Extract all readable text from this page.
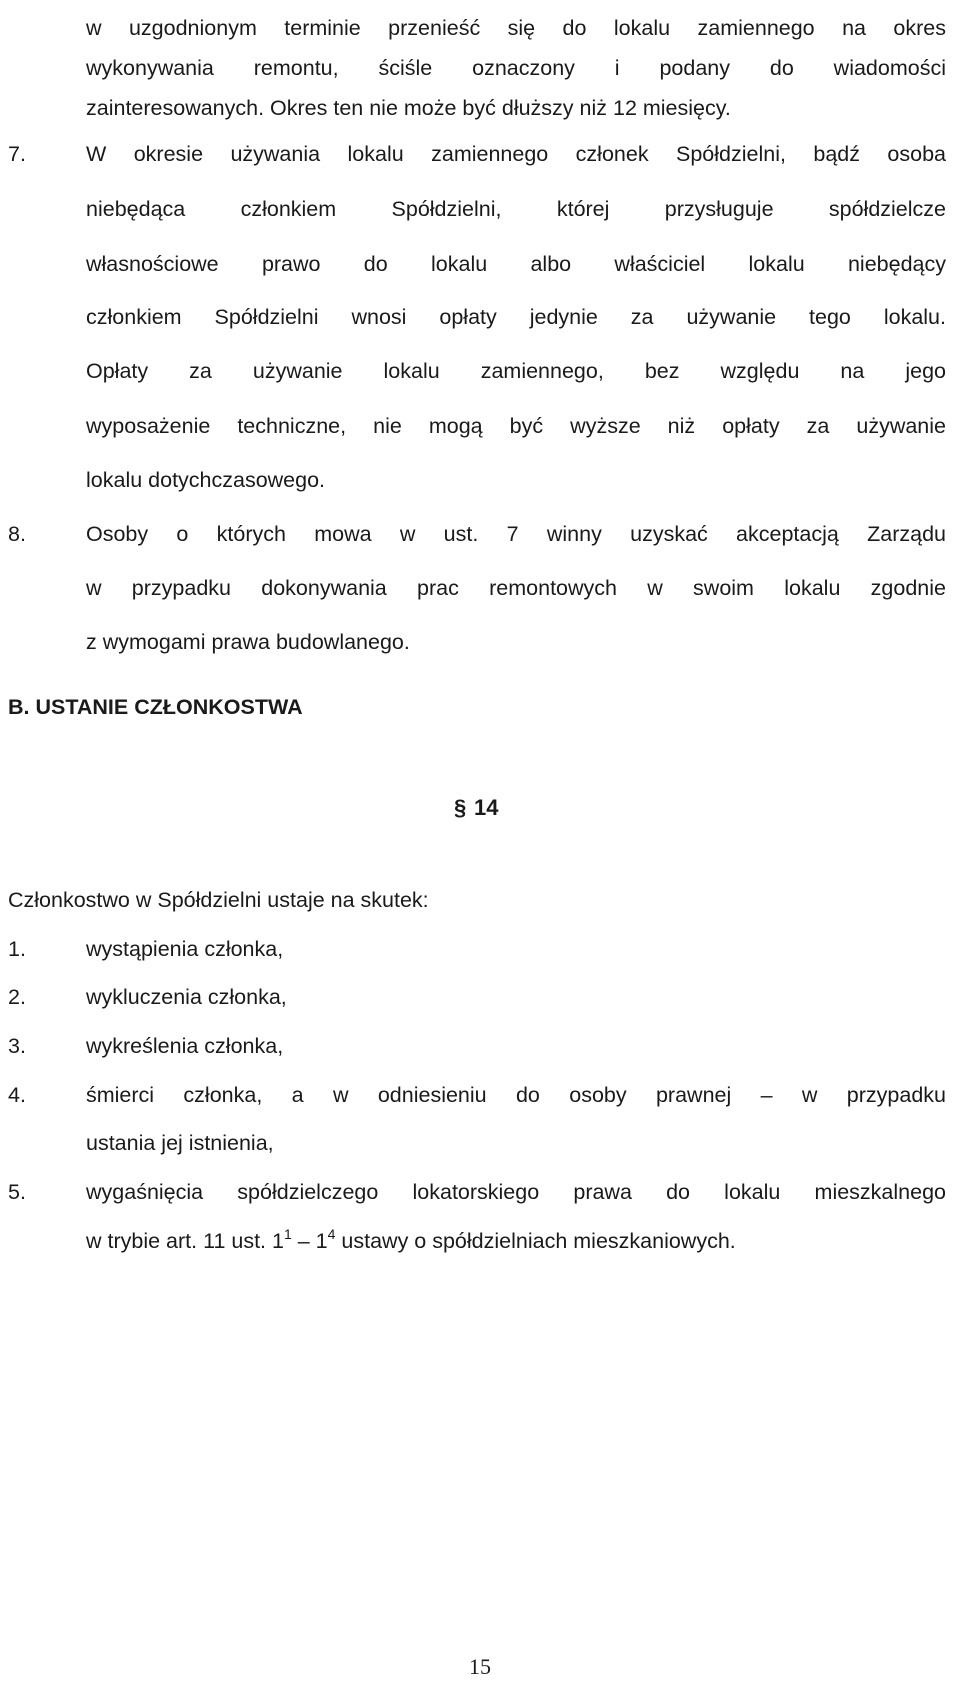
w uzgodnionym terminie przenieść się do lokalu zamiennego na okres
wykonywania remontu, ściśle oznaczony i podany do wiadomości
zainteresowanych. Okres ten nie może być dłuższy niż 12 miesięcy.
7.	W okresie używania lokalu zamiennego członek Spółdzielni, bądź osoba
niebędąca członkiem Spółdzielni, której przysługuje spółdzielcze
własnościowe prawo do lokalu albo właściciel lokalu niebędący
członkiem Spółdzielni wnosi opłaty jedynie za używanie tego lokalu.
Opłaty za używanie lokalu zamiennego, bez względu na jego
wyposażenie techniczne, nie mogą być wyższe niż opłaty za używanie
lokalu dotychczasowego.
8.	Osoby o których mowa w ust. 7 winny uzyskać akceptacją Zarządu
w przypadku dokonywania prac remontowych w swoim lokalu zgodnie
z wymogami prawa budowlanego.
B. USTANIE CZŁONKOSTWA
§ 14
Członkostwo w Spółdzielni ustaje na skutek:
1.	wystąpienia członka,
2.	wykluczenia członka,
3.	wykreślenia członka,
4.	śmierci członka, a w odniesieniu do osoby prawnej – w przypadku
ustania jej istnienia,
5.	wygaśnięcia spółdzielczego lokatorskiego prawa do lokalu mieszkalnego
w trybie art. 11 ust. $1^1 - 1^4$ ustawy o spółdzielniach mieszkaniowych.
15
